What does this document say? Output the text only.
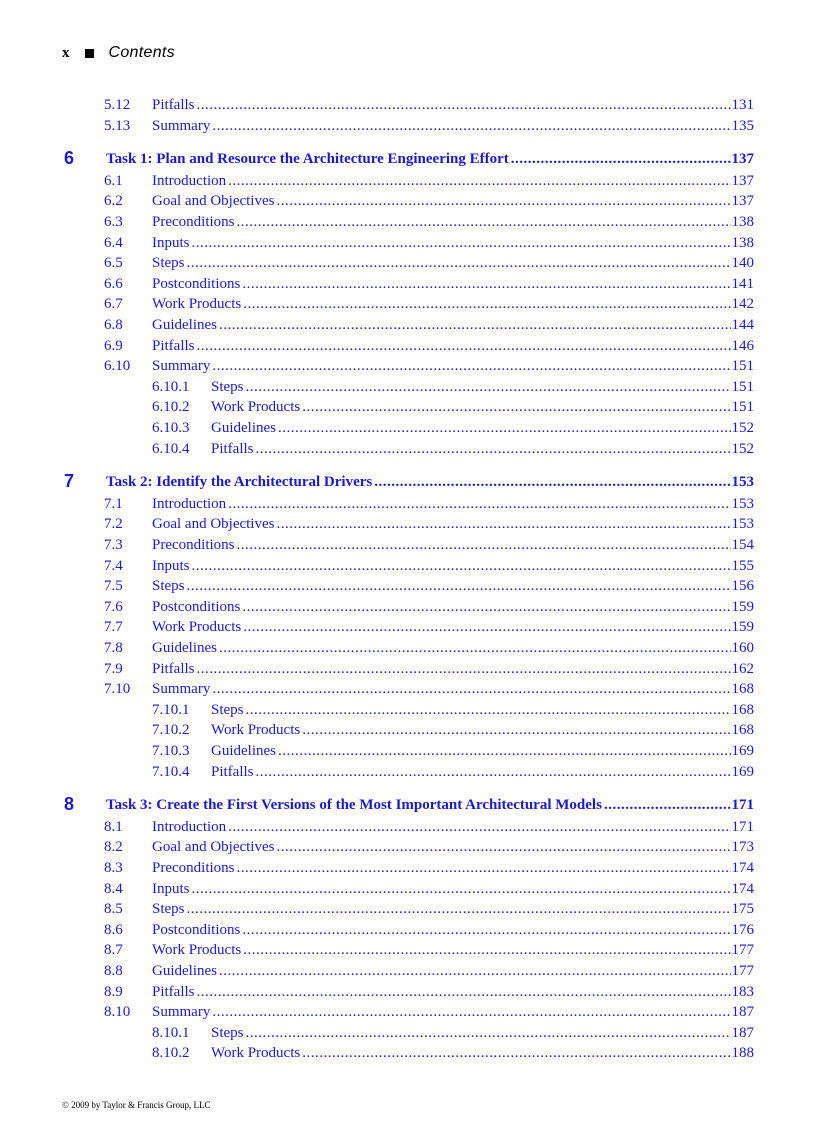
x Contents
5.12 Pitfalls .....	131
5.13 Summary .....	135
6 Task 1: Plan and Resource the Architecture Engineering Effort .....	137
6.1 Introduction .....	137
6.2 Goal and Objectives .....	137
6.3 Preconditions .....	138
6.4 Inputs .....	138
6.5 Steps .....	140
6.6 Postconditions .....	141
6.7 Work Products .....	142
6.8 Guidelines .....	144
6.9 Pitfalls .....	146
6.10 Summary .....	151
6.10.1 Steps .....	151
6.10.2 Work Products .....	151
6.10.3 Guidelines .....	152
6.10.4 Pitfalls .....	152
7 Task 2: Identify the Architectural Drivers .....	153
7.1 Introduction .....	153
7.2 Goal and Objectives .....	153
7.3 Preconditions .....	154
7.4 Inputs .....	155
7.5 Steps .....	156
7.6 Postconditions .....	159
7.7 Work Products .....	159
7.8 Guidelines .....	160
7.9 Pitfalls .....	162
7.10 Summary .....	168
7.10.1 Steps .....	168
7.10.2 Work Products .....	168
7.10.3 Guidelines .....	169
7.10.4 Pitfalls .....	169
8 Task 3: Create the First Versions of the Most Important Architectural Models .....	171
8.1 Introduction .....	171
8.2 Goal and Objectives .....	173
8.3 Preconditions .....	174
8.4 Inputs .....	174
8.5 Steps .....	175
8.6 Postconditions .....	176
8.7 Work Products .....	177
8.8 Guidelines .....	177
8.9 Pitfalls .....	183
8.10 Summary .....	187
8.10.1 Steps .....	187
8.10.2 Work Products .....	188
© 2009 by Taylor & Francis Group, LLC
